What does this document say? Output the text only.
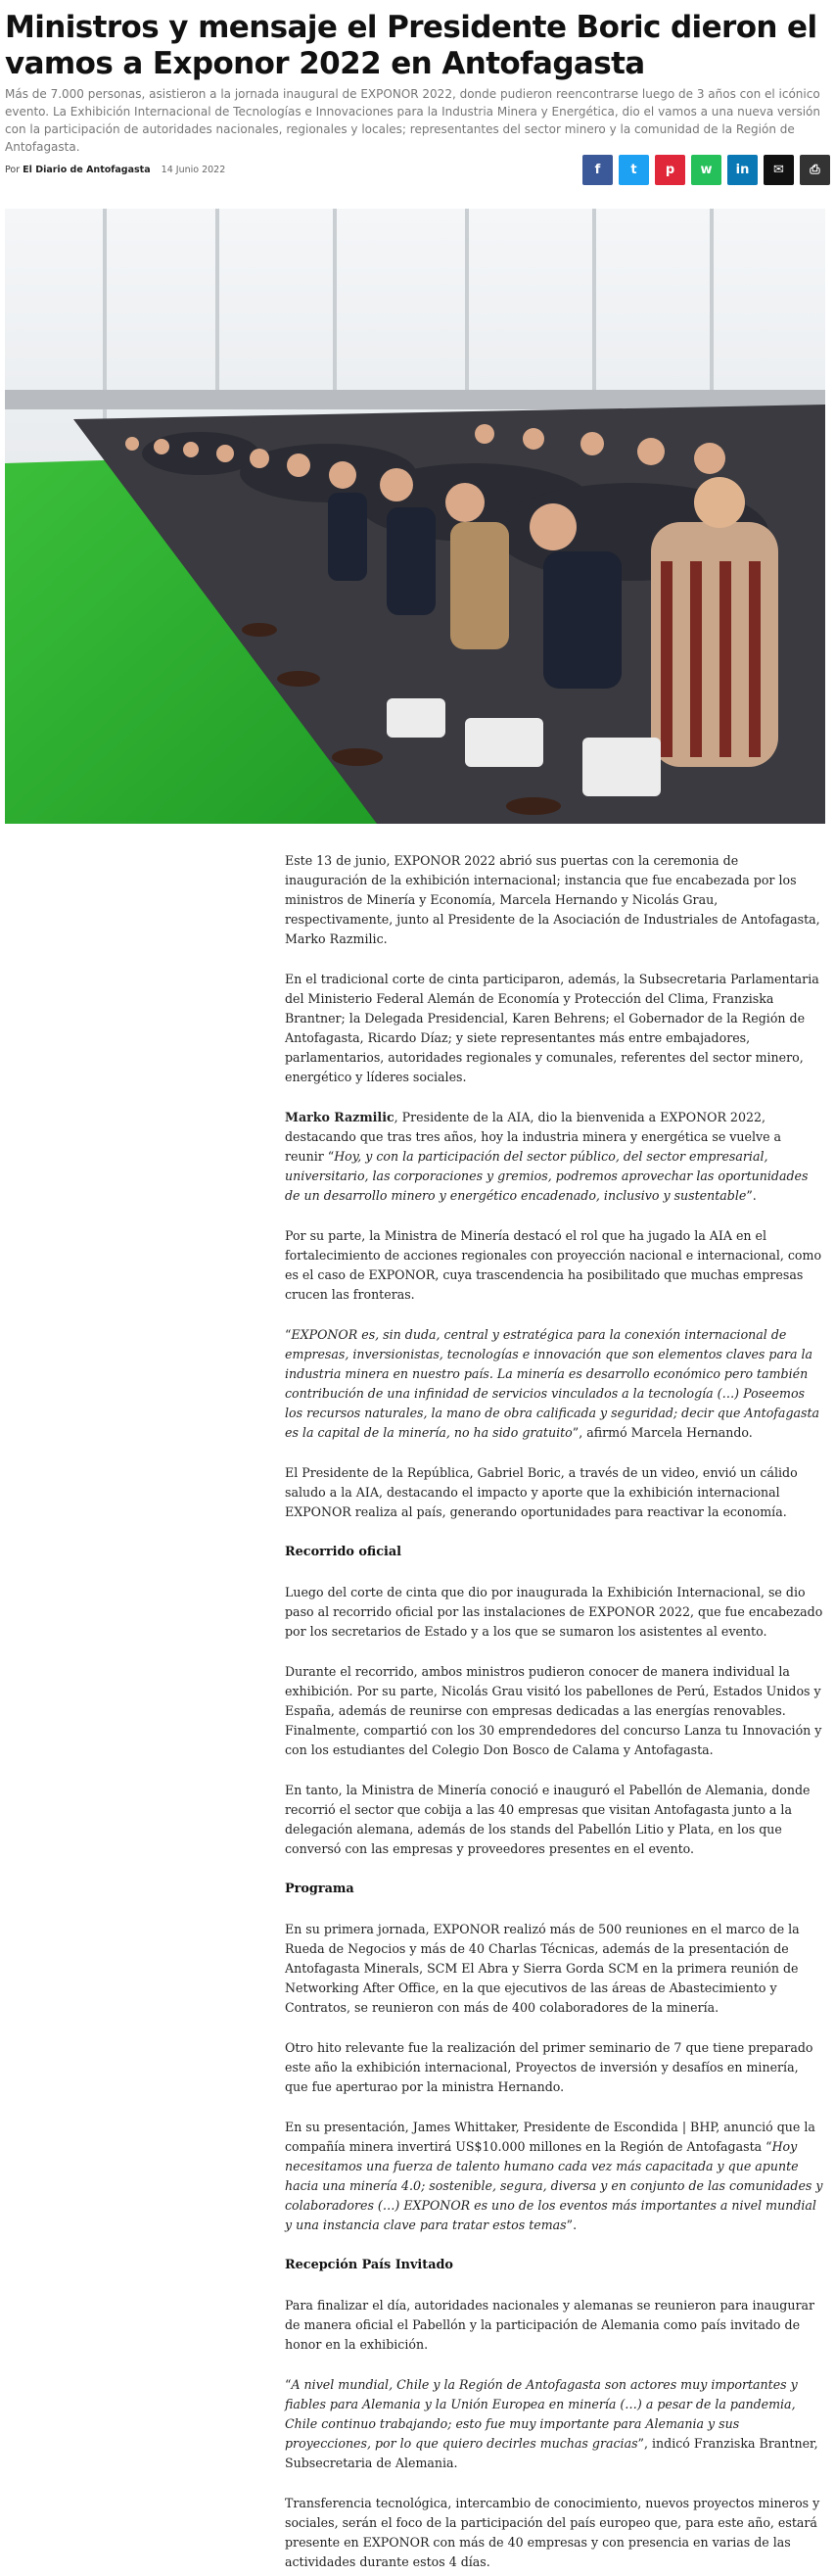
Ministros y mensaje el Presidente Boric dieron el vamos a Exponor 2022 en Antofagasta

Más de 7.000 personas, asistieron a la jornada inaugural de EXPONOR 2022, donde pudieron reencontrarse luego de 3 años con el icónico evento. La Exhibición Internacional de Tecnologías e Innovaciones para la Industria Minera y Energética, dio el vamos a una nueva versión con la participación de autoridades nacionales, regionales y locales; representantes del sector minero y la comunidad de la Región de Antofagasta.

Por El Diario de Antofagasta 14 Junio 2022	f t p w in ✉ ⎙

Este 13 de junio, EXPONOR 2022 abrió sus puertas con la ceremonia de inauguración de la exhibición internacional; instancia que fue encabezada por los ministros de Minería y Economía, Marcela Hernando y Nicolás Grau, respectivamente, junto al Presidente de la Asociación de Industriales de Antofagasta, Marko Razmilic.

En el tradicional corte de cinta participaron, además, la Subsecretaria Parlamentaria del Ministerio Federal Alemán de Economía y Protección del Clima, Franziska Brantner; la Delegada Presidencial, Karen Behrens; el Gobernador de la Región de Antofagasta, Ricardo Díaz; y siete representantes más entre embajadores, parlamentarios, autoridades regionales y comunales, referentes del sector minero, energético y líderes sociales.

Marko Razmilic, Presidente de la AIA, dio la bienvenida a EXPONOR 2022, destacando que tras tres años, hoy la industria minera y energética se vuelve a reunir “Hoy, y con la participación del sector público, del sector empresarial, universitario, las corporaciones y gremios, podremos aprovechar las oportunidades de un desarrollo minero y energético encadenado, inclusivo y sustentable”.

Por su parte, la Ministra de Minería destacó el rol que ha jugado la AIA en el fortalecimiento de acciones regionales con proyección nacional e internacional, como es el caso de EXPONOR, cuya trascendencia ha posibilitado que muchas empresas crucen las fronteras.

“EXPONOR es, sin duda, central y estratégica para la conexión internacional de empresas, inversionistas, tecnologías e innovación que son elementos claves para la industria minera en nuestro país. La minería es desarrollo económico pero también contribución de una infinidad de servicios vinculados a la tecnología (…) Poseemos los recursos naturales, la mano de obra calificada y seguridad; decir que Antofagasta es la capital de la minería, no ha sido gratuito”, afirmó Marcela Hernando.

El Presidente de la República, Gabriel Boric, a través de un video, envió un cálido saludo a la AIA, destacando el impacto y aporte que la exhibición internacional EXPONOR realiza al país, generando oportunidades para reactivar la economía.

Recorrido oficial

Luego del corte de cinta que dio por inaugurada la Exhibición Internacional, se dio paso al recorrido oficial por las instalaciones de EXPONOR 2022, que fue encabezado por los secretarios de Estado y a los que se sumaron los asistentes al evento.

Durante el recorrido, ambos ministros pudieron conocer de manera individual la exhibición. Por su parte, Nicolás Grau visitó los pabellones de Perú, Estados Unidos y España, además de reunirse con empresas dedicadas a las energías renovables. Finalmente, compartió con los 30 emprendedores del concurso Lanza tu Innovación y con los estudiantes del Colegio Don Bosco de Calama y Antofagasta.

En tanto, la Ministra de Minería conoció e inauguró el Pabellón de Alemania, donde recorrió el sector que cobija a las 40 empresas que visitan Antofagasta junto a la delegación alemana, además de los stands del Pabellón Litio y Plata, en los que conversó con las empresas y proveedores presentes en el evento.

Programa

En su primera jornada, EXPONOR realizó más de 500 reuniones en el marco de la Rueda de Negocios y más de 40 Charlas Técnicas, además de la presentación de Antofagasta Minerals, SCM El Abra y Sierra Gorda SCM en la primera reunión de Networking After Office, en la que ejecutivos de las áreas de Abastecimiento y Contratos, se reunieron con más de 400 colaboradores de la minería.

Otro hito relevante fue la realización del primer seminario de 7 que tiene preparado este año la exhibición internacional, Proyectos de inversión y desafíos en minería, que fue aperturao por la ministra Hernando.

En su presentación, James Whittaker, Presidente de Escondida | BHP, anunció que la compañía minera invertirá US$10.000 millones en la Región de Antofagasta “Hoy necesitamos una fuerza de talento humano cada vez más capacitada y que apunte hacia una minería 4.0; sostenible, segura, diversa y en conjunto de las comunidades y colaboradores (…) EXPONOR es uno de los eventos más importantes a nivel mundial y una instancia clave para tratar estos temas”.

Recepción País Invitado

Para finalizar el día, autoridades nacionales y alemanas se reunieron para inaugurar de manera oficial el Pabellón y la participación de Alemania como país invitado de honor en la exhibición.

“A nivel mundial, Chile y la Región de Antofagasta son actores muy importantes y fiables para Alemania y la Unión Europea en minería (…) a pesar de la pandemia, Chile continuo trabajando; esto fue muy importante para Alemania y sus proyecciones, por lo que quiero decirles muchas gracias”, indicó Franziska Brantner, Subsecretaria de Alemania.

Transferencia tecnológica, intercambio de conocimiento, nuevos proyectos mineros y sociales, serán el foco de la participación del país europeo que, para este año, estará presente en EXPONOR con más de 40 empresas y con presencia en varias de las actividades durante estos 4 días.
